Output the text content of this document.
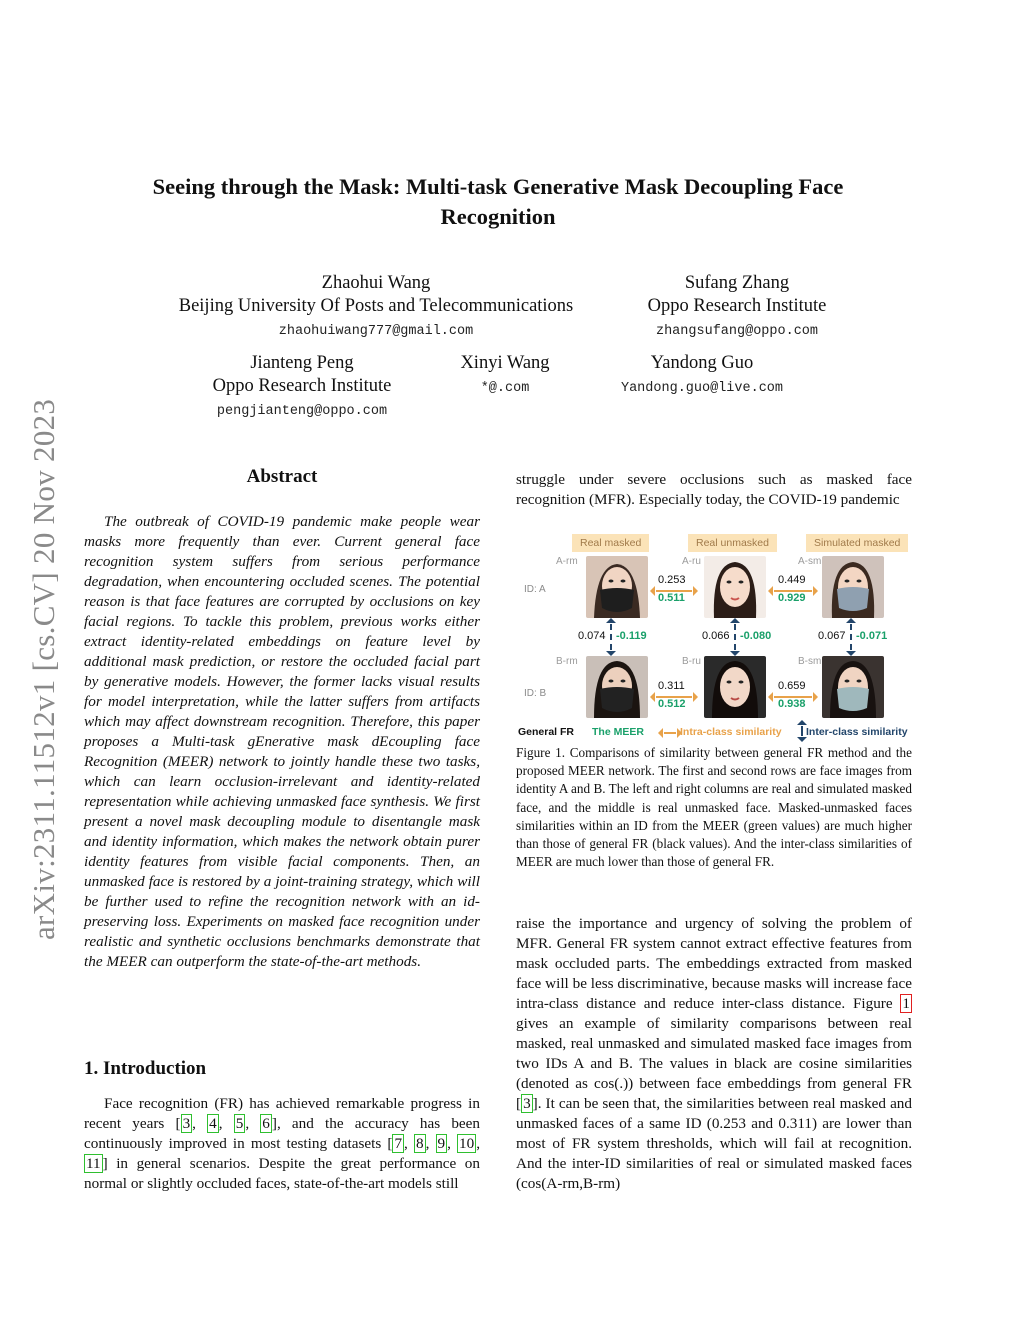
arXiv:2311.11512v1 [cs.CV] 20 Nov 2023
Seeing through the Mask: Multi-task Generative Mask Decoupling Face
Recognition
Zhaohui Wang
Beijing University Of Posts and Telecommunications
zhaohuiwang777@gmail.com
Sufang Zhang
Oppo Research Institute
zhangsufang@oppo.com
Jianteng Peng
Oppo Research Institute
pengjianteng@oppo.com
Xinyi Wang
*@.com
Yandong Guo
Yandong.guo@live.com
Abstract

The outbreak of COVID-19 pandemic make people wear masks more frequently than ever. Current general face recognition system suffers from serious performance degradation, when encountering occluded scenes. The potential reason is that face features are corrupted by occlusions on key facial regions. To tackle this problem, previous works either extract identity-related embeddings on feature level by additional mask prediction, or restore the occluded facial part by generative models. However, the former lacks visual results for model interpretation, while the latter suffers from artifacts which may affect downstream recognition. Therefore, this paper proposes a Multi-task gEnerative mask dEcoupling face Recognition (MEER) network to jointly handle these two tasks, which can learn occlusion-irrelevant and identity-related representation while achieving unmasked face synthesis. We first present a novel mask decoupling module to disentangle mask and identity information, which makes the network obtain purer identity features from visible facial components. Then, an unmasked face is restored by a joint-training strategy, which will be further used to refine the recognition network with an id-preserving loss. Experiments on masked face recognition under realistic and synthetic occlusions benchmarks demonstrate that the MEER can outperform the state-of-the-art methods.

1. Introduction

Face recognition (FR) has achieved remarkable progress in recent years [ 3 , 4 , 5 , 6 ], and the accuracy has been continuously improved in most testing datasets [ 7 , 8 , 9 , 10 , 11 ] in general scenarios. Despite the great performance on normal or slightly occluded faces, state-of-the-art models still

struggle under severe occlusions such as masked face recognition (MFR). Especially today, the COVID-19 pandemic

Real masked	Real unmasked	Simulated masked
A-rm	A-ru	A-sm
ID: A
0.253
0.511
0.449
0.929
0.074 -0.119	0.066 -0.080	0.067 -0.071
B-rm	B-ru	B-sm
ID: B
0.311
0.512
0.659
0.938
General FR The MEER	Intra-class similarity Inter-class similarity
Figure 1. Comparisons of similarity between general FR method and the proposed MEER network. The first and second rows are face images from identity A and B. The left and right columns are real and simulated masked face, and the middle is real unmasked face. Masked-unmasked faces similarities within an ID from the MEER (green values) are much higher than those of general FR (black values). And the inter-class similarities of MEER are much lower than those of general FR.

raise the importance and urgency of solving the problem of MFR. General FR system cannot extract effective features from mask occluded parts. The embeddings extracted from masked face will be less discriminative, because masks will increase face intra-class distance and reduce inter-class distance. Figure 1 gives an example of similarity comparisons between real masked, real unmasked and simulated masked face images from two IDs A and B. The values in black are cosine similarities (denoted as cos(.)) between face embeddings from general FR [ 3 ]. It can be seen that, the similarities between real masked and unmasked faces of a same ID (0.253 and 0.311) are lower than most of FR system thresholds, which will fail at recognition. And the inter-ID similarities of real or simulated masked faces (cos(A-rm,B-rm)
